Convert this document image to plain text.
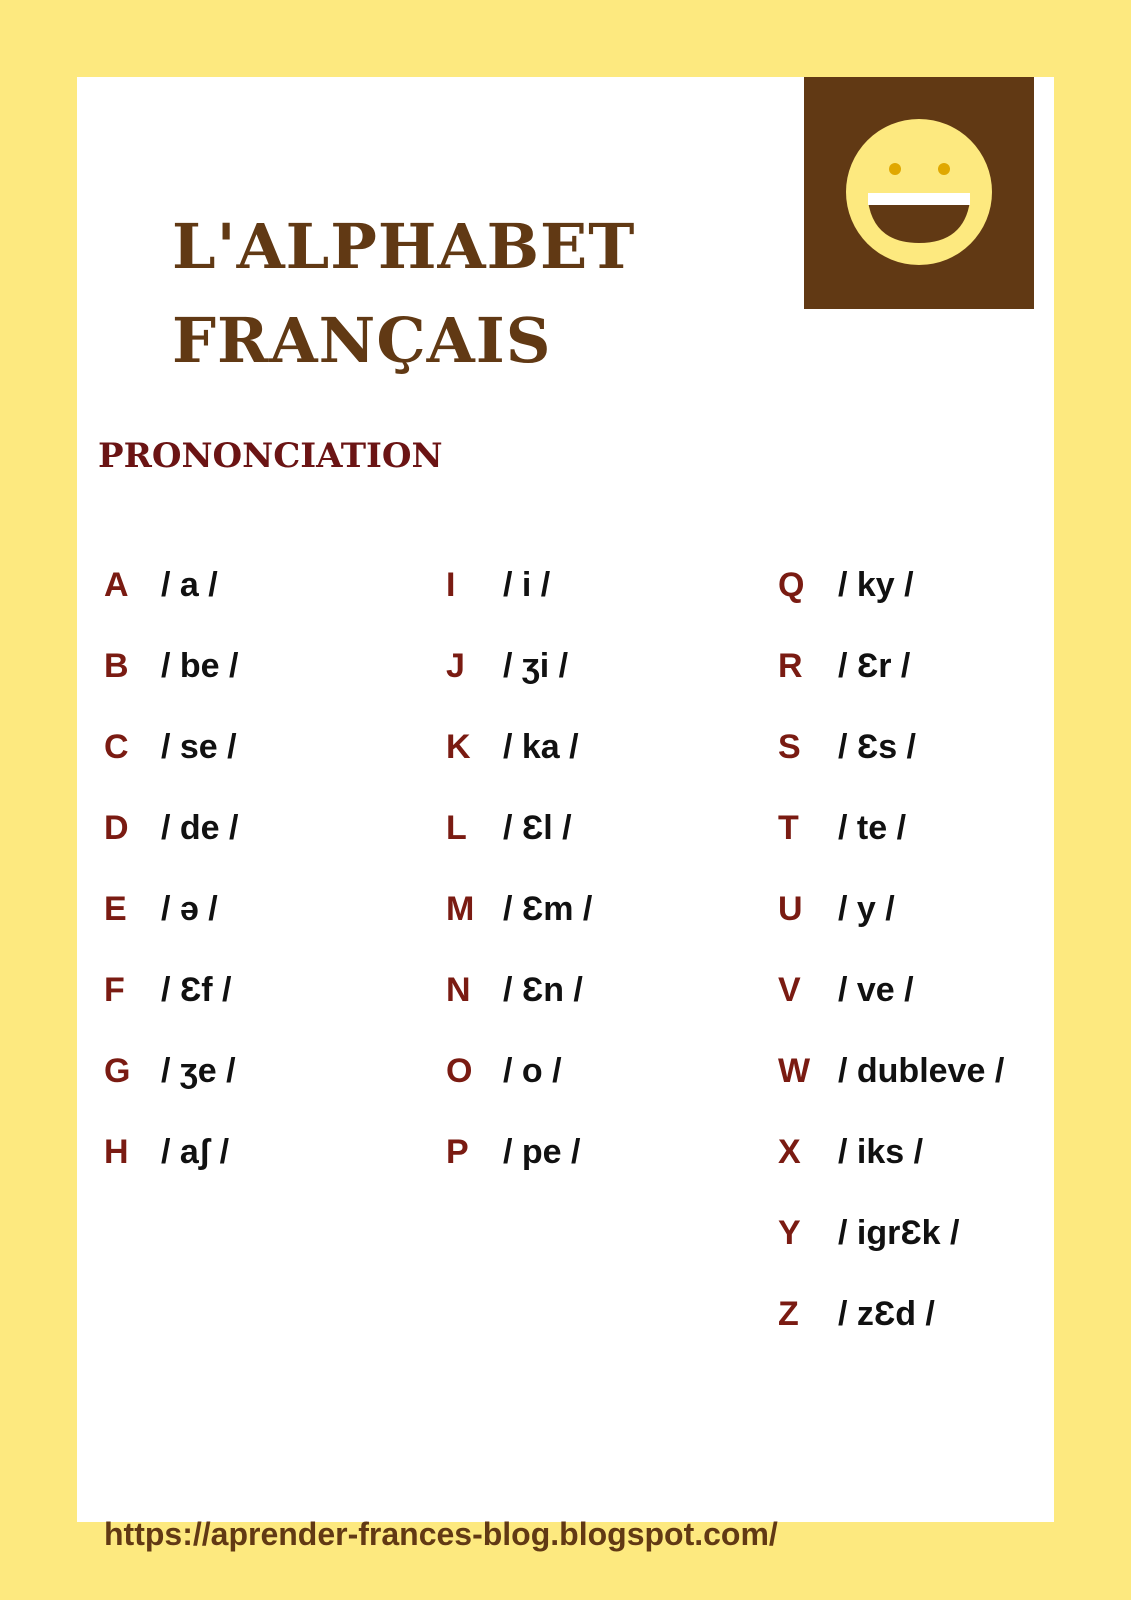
L'ALPHABET
FRANÇAIS
PRONONCIATION
A / a /
B / be /
C / se /
D / de /
E	/ ə /
F	/ Ɛf /
G / ʒe /
H / aʃ /
I	/ i /
J	/ ʒi /
K / ka /
L	/ Ɛl /
M / Ɛm /
N / Ɛn /
O / o /
P	/ pe /
Q / ky /
R	/ Ɛr /
S	/ Ɛs /
T	/ te /
U	/ y /
V	/ ve /
W / dubleve /
X	/ iks /
Y	/ igrƐk /
Z	/ zƐd /
https://aprender-frances-blog.blogspot.com/
